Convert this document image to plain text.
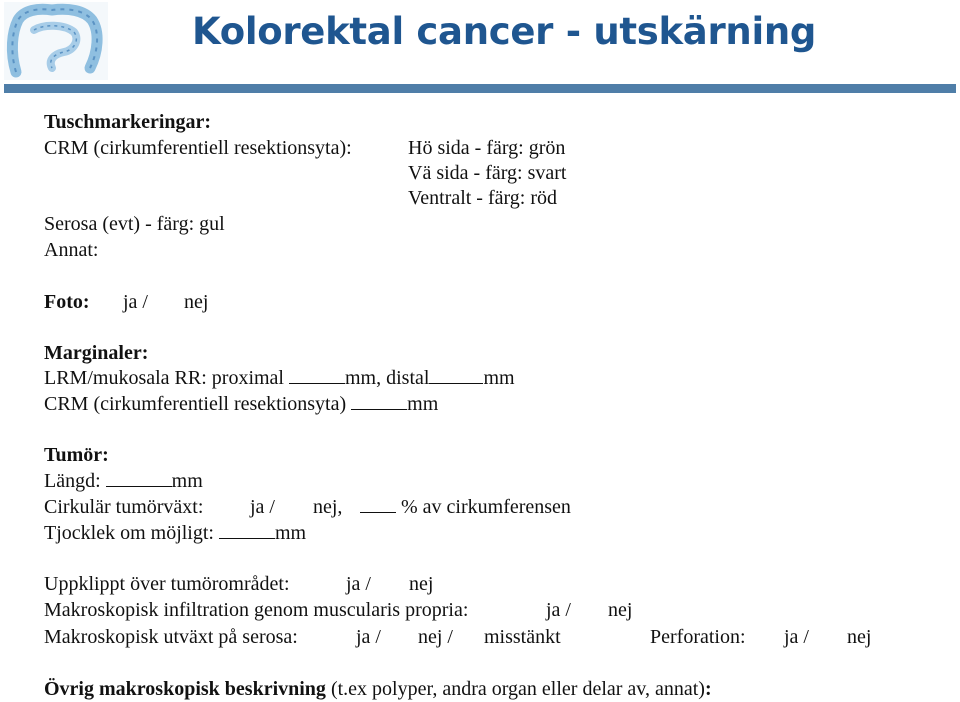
Kolorektal cancer - utskärning
Tuschmarkeringar:
CRM (cirkumferentiell resektionsyta):	Hö sida - färg: grön
Vä sida - färg: svart
Ventralt - färg: röd
Serosa (evt) - färg: gul
Annat:
Foto: ja / nej
Marginaler:
LRM/mukosala RR: proximal	mm, distal	mm
CRM (cirkumferentiell resektionsyta)	mm
Tumör:
Längd:	mm
Cirkulär tumörväxt: ja / nej,	% av cirkumferensen
Tjocklek om möjligt:	mm
Uppklippt över tumörområdet:	ja / nej
Makroskopisk infiltration genom muscularis propria:	ja / nej
Makroskopisk utväxt på serosa:	ja / nej / misstänkt	Perforation: ja / nej
Övrig makroskopisk beskrivning (t.ex polyper, andra organ eller delar av, annat):
